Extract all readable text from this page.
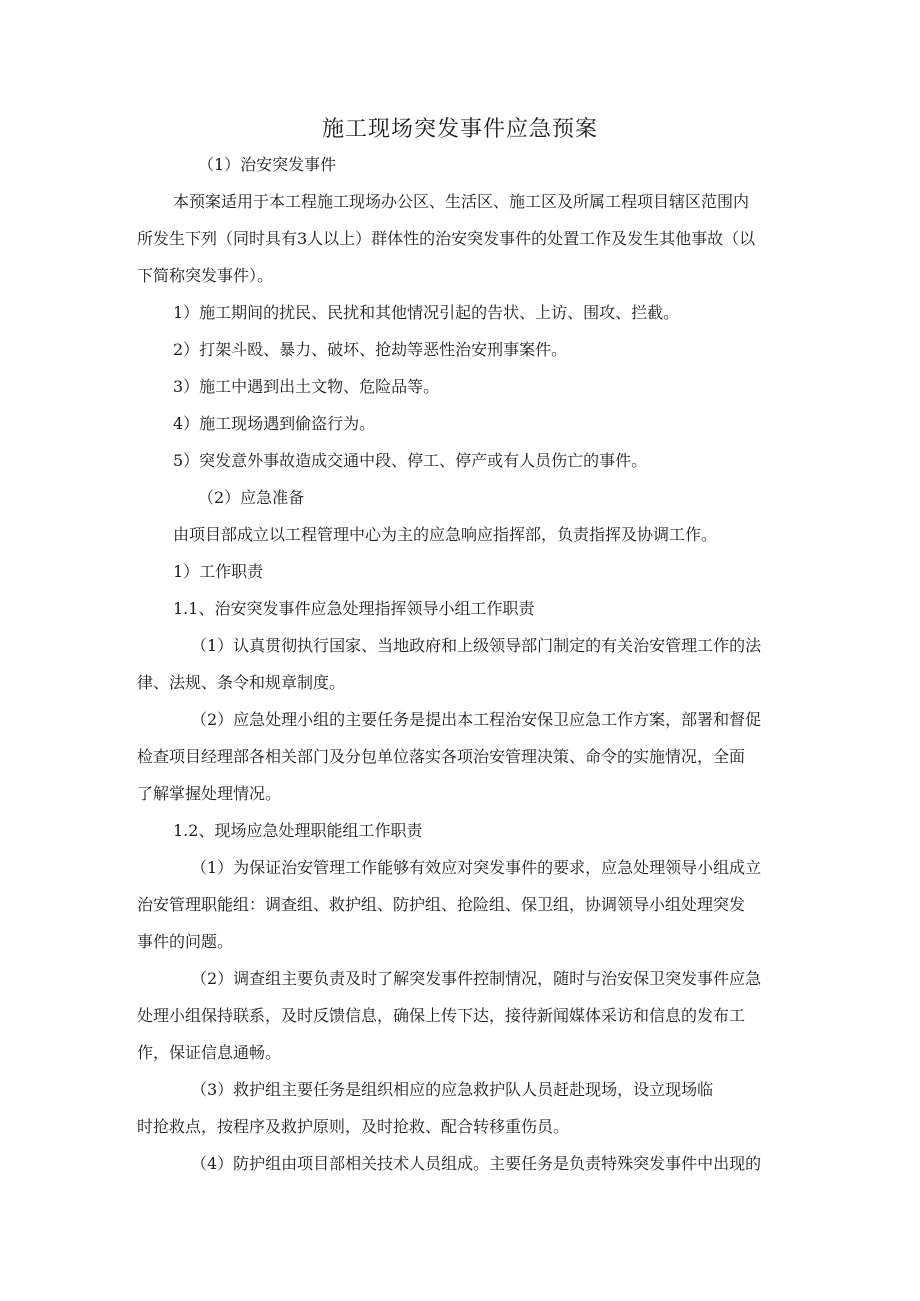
施工现场突发事件应急预案
（1）治安突发事件
本预案适用于本工程施工现场办公区、生活区、施工区及所属工程项目辖区范围内
所发生下列（同时具有3人以上）群体性的治安突发事件的处置工作及发生其他事故（以
下简称突发事件）。
1）施工期间的扰民、民扰和其他情况引起的告状、上访、围攻、拦截。
2）打架斗殴、暴力、破坏、抢劫等恶性治安刑事案件。
3）施工中遇到出土文物、危险品等。
4）施工现场遇到偷盗行为。
5）突发意外事故造成交通中段、停工、停产或有人员伤亡的事件。
（2）应急准备
由项目部成立以工程管理中心为主的应急响应指挥部，负责指挥及协调工作。
1）工作职责
1.1、治安突发事件应急处理指挥领导小组工作职责
（1）认真贯彻执行国家、当地政府和上级领导部门制定的有关治安管理工作的法
律、法规、条令和规章制度。
（2）应急处理小组的主要任务是提出本工程治安保卫应急工作方案，部署和督促
检查项目经理部各相关部门及分包单位落实各项治安管理决策、命令的实施情况，全面
了解掌握处理情况。
1.2、现场应急处理职能组工作职责
（1）为保证治安管理工作能够有效应对突发事件的要求，应急处理领导小组成立
治安管理职能组：调查组、救护组、防护组、抢险组、保卫组，协调领导小组处理突发
事件的问题。
（2）调查组主要负责及时了解突发事件控制情况，随时与治安保卫突发事件应急
处理小组保持联系，及时反馈信息，确保上传下达，接待新闻媒体采访和信息的发布工
作，保证信息通畅。
（3）救护组主要任务是组织相应的应急救护队人员赶赴现场，设立现场临
时抢救点，按程序及救护原则，及时抢救、配合转移重伤员。
（4）防护组由项目部相关技术人员组成。主要任务是负责特殊突发事件中出现的
